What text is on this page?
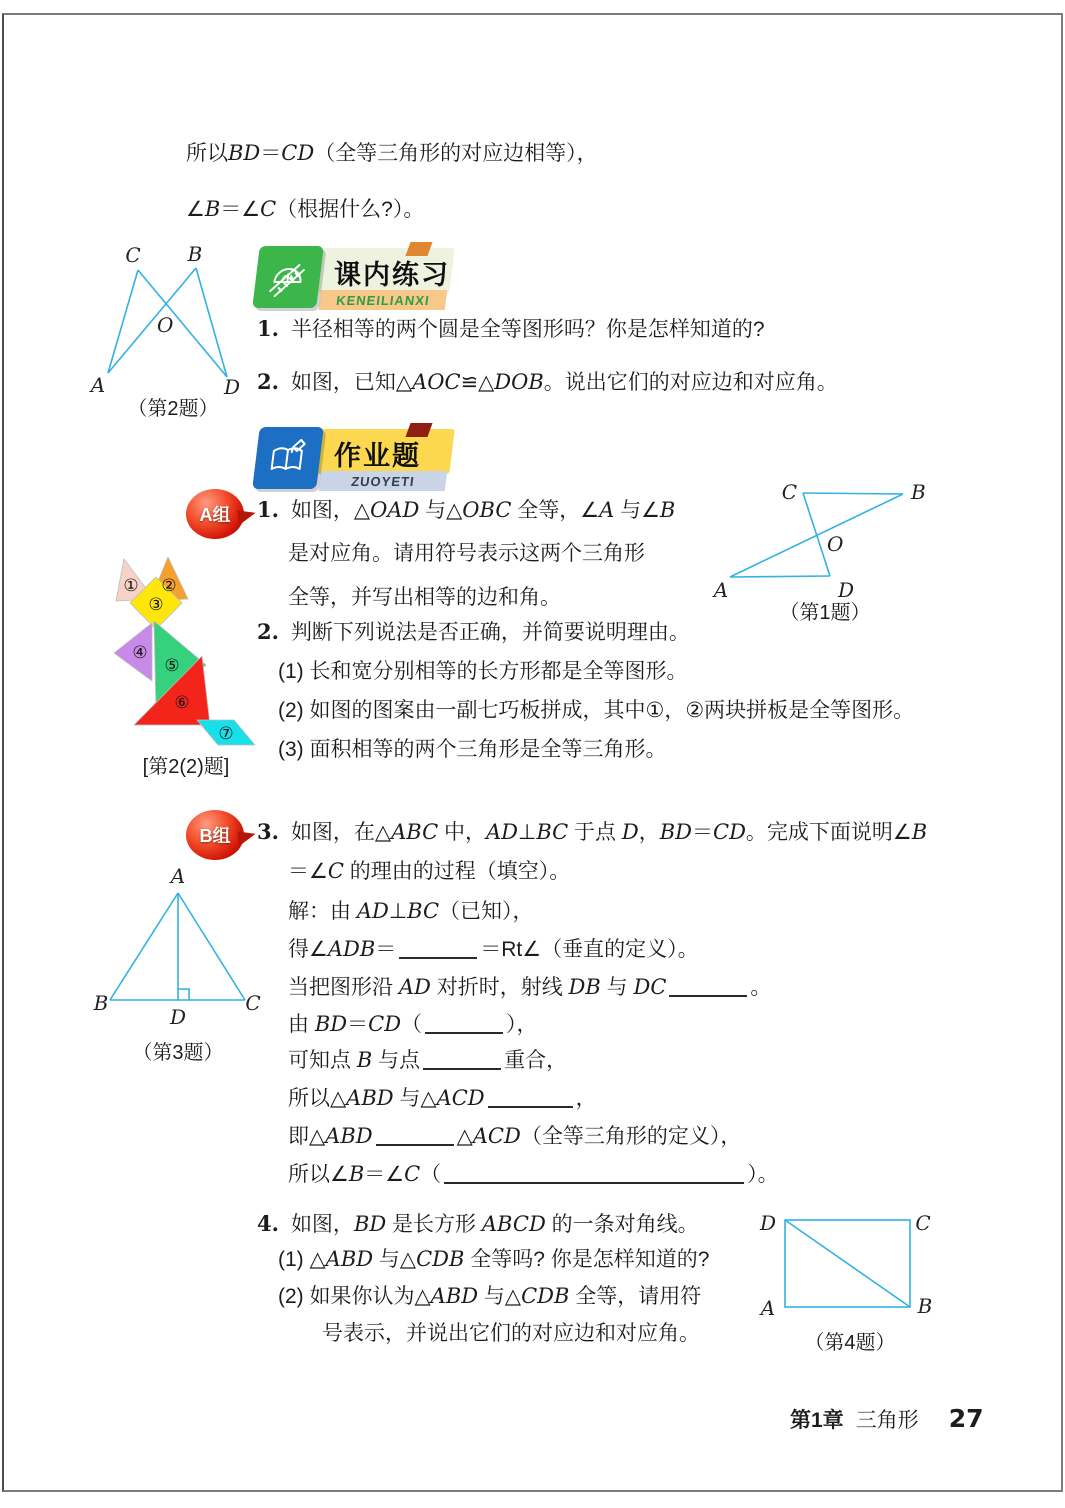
所以BD＝CD（全等三角形的对应边相等），
∠B＝∠C（根据什么?）。
C B
O
A	D
（第2题）
KENEILIANXI
课内练习
1. 半径相等的两个圆是全等图形吗？你是怎样知道的?
2. 如图，已知△AOC≌△DOB。说出它们的对应边和对应角。
ZUOYETI
作业题
A组	1. 如图，△OAD 与△OBC 全等，∠A 与∠B
是对应角。请用符号表示这两个三角形
全等，并写出相等的边和角。
C	B
O
A	D
（第1题）
① ②
③
④
⑤
⑥
⑦
[第2(2)题]
2. 判断下列说法是否正确，并简要说明理由。
(1) 长和宽分别相等的长方形都是全等图形。
(2) 如图的图案由一副七巧板拼成，其中①，②两块拼板是全等图形。
(3) 面积相等的两个三角形是全等三角形。
B组	3. 如图，在△ABC 中，AD⊥BC 于点 D，BD＝CD。完成下面说明∠B
＝∠C 的理由的过程（填空）。
解：由 AD⊥BC（已知），
得∠ADB＝	＝Rt∠（垂直的定义）。
当把图形沿 AD 对折时，射线 DB 与 DC	。
由 BD＝CD（	），
可知点 B 与点	重合，
所以△ABD 与△ACD	，
即△ABD	△ACD（全等三角形的定义），
所以∠B＝∠C（	）。
A
B	C
D
（第3题）
4. 如图，BD 是长方形 ABCD 的一条对角线。
(1) △ABD 与△CDB 全等吗? 你是怎样知道的?
(2) 如果你认为△ABD 与△CDB 全等，请用符
号表示，并说出它们的对应边和对应角。
D	C
A	B
（第4题）
第1章 三角形 27
